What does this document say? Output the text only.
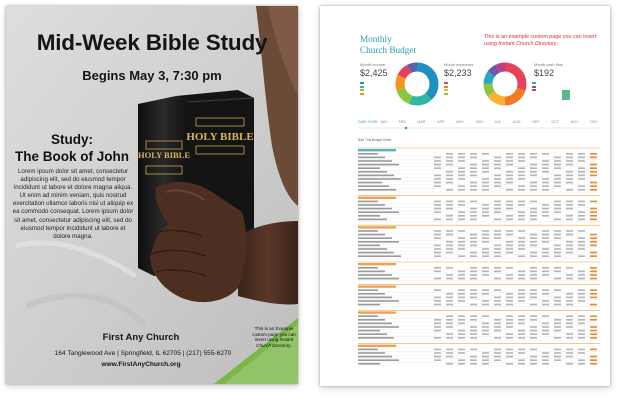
HOLY BIBLE
HOLY BIBLE
Mid-Week Bible Study
Begins May 3, 7:30 pm
Study:
The Book of John
Lorem ipsum dolor sit amet, consectetur adipiscing elit, sed do eiusmod tempor incididunt ut labore et dolore magna aliqua. Ut enim ad minim veniam, quis nostrud exercitation ullamco laboris nisi ut aliquip ex ea commodo consequat. Lorem ipsum dolor sit amet, consectetur adipiscing elit, sed do eiusmod tempor incididunt ut labore et dolore magna.
First Any Church
164 Tanglewood Ave | Springfield, IL 62705 | (217) 555-6270
www.FirstAnyChurch.org
This is an Example custom page you can insert using Instant Church Directory.
Monthly
Church Budget
This is an example custom page you can insert using Instant Church Directory.
Month income
$2,425
Month expenses
$2,233
Month cash flow
$192
CASH FLOW JAN	FEB	MAR	APR	MAY	JUN	JUL	AUG	SEP	OCT	NOV	DEC
Bike This Budget Sheet
